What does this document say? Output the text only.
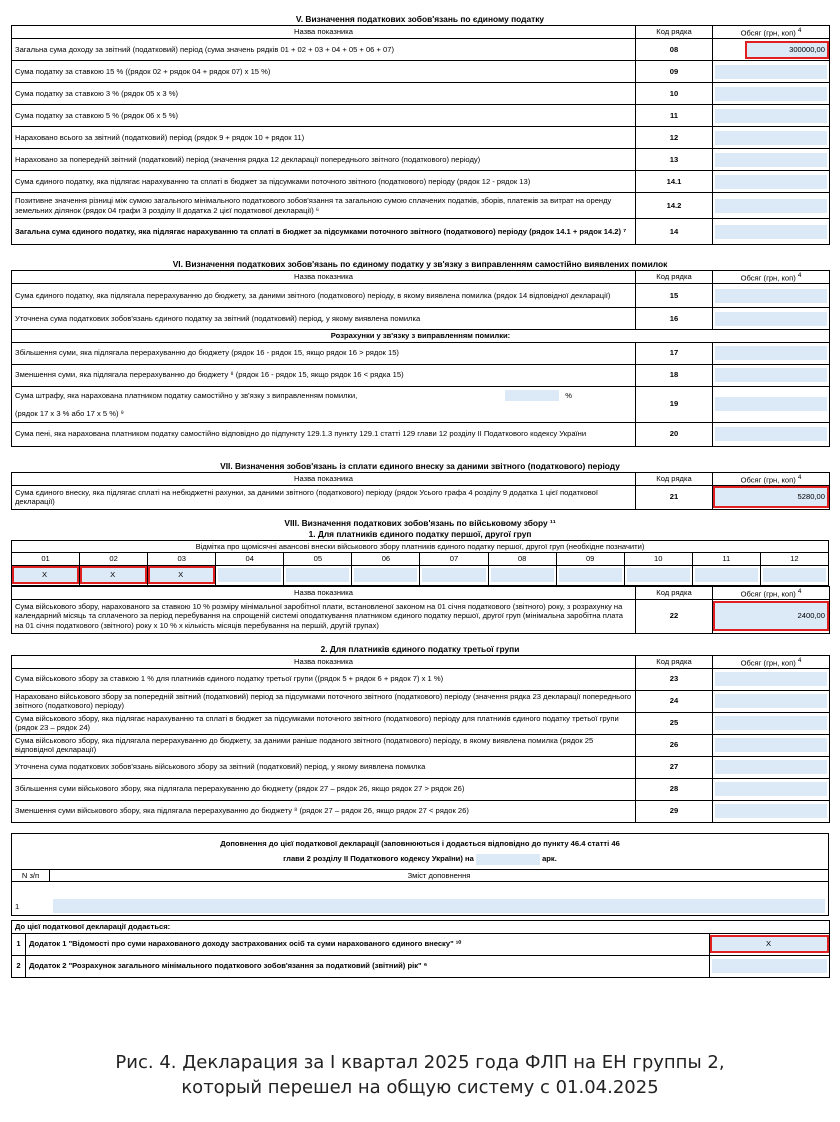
V. Визначення податкових зобов'язань по єдиному податку
Назва показника	Код рядка	Обсяг (грн, коп) $^4$
Загальна сума доходу за звітний (податковий) період (сума значень рядків 01 + 02 + 03 + 04 + 05 + 06 + 07)	08	300000,00

Сума податку за ставкою 15 % ((рядок 02 + рядок 04 + рядок 07) х 15 %)	09	

Сума податку за ставкою 3 % (рядок 05 х 3 %)	10	

Сума податку за ставкою 5 % (рядок 06 х 5 %)	11	

Нараховано всього за звітний (податковий) період (рядок 9 + рядок 10 + рядок 11)	12	

Нараховано за попередній звітний (податковий) період (значення рядка 12 декларації попереднього звітного (податкового) періоду)	13	

Сума єдиного податку, яка підлягає нарахуванню та сплаті в бюджет за підсумками поточного звітного (податкового) періоду (рядок 12 - рядок 13)	14.1	

Позитивне значення різниці між сумою загального мінімального податкового зобов'язання та загальною сумою сплачених податків, зборів, платежів за витрат на оренду земельних ділянок (рядок 04 графи 3 розділу ІІ додатка 2 цієї податкової декларації) ⁶	14.2	

Загальна сума єдиного податку, яка підлягає нарахуванню та сплаті в бюджет за підсумками поточного звітного (податкового) періоду (рядок 14.1 + рядок 14.2) ⁷	14	
VI. Визначення податкових зобов'язань по єдиному податку у зв'язку з виправленням самостійно виявлених помилок
Назва показника	Код рядка	Обсяг (грн, коп) $^4$
Сума єдиного податку, яка підлягала перерахуванню до бюджету, за даними звітного (податкового) періоду, в якому виявлена помилка (рядок 14 відповідної декларації)	15	

Уточнена сума податкових зобов'язань єдиного податку за звітний (податковий) період, у якому виявлена помилка	16	

Розрахунки у зв'язку з виправленням помилки:		
Збільшення суми, яка підлягала перерахуванню до бюджету (рядок 16 - рядок 15, якщо рядок 16 > рядок 15)	17	

Зменшення суми, яка підлягала перерахуванню до бюджету ⁸ (рядок 16 - рядок 15, якщо рядок 16 < рядка 15)	18	

Сума штрафу, яка нарахована платником податку самостійно у зв'язку з виправленням помилки, %
(рядок 17 х 3 % або 17 х 5 %) ⁹	19	

Сума пені, яка нарахована платником податку самостійно відповідно до підпункту 129.1.3 пункту 129.1 статті 129 глави 12 розділу ІІ Податкового кодексу України	20	
VII. Визначення зобов'язань із сплати єдиного внеску за даними звітного (податкового) періоду
Назва показника	Код рядка	Обсяг (грн, коп) $^4$
Сума єдиного внеску, яка підлягає сплаті на небюджетні рахунки, за даними звітного (податкового) періоду (рядок Усього графа 4 розділу 9 додатка 1 цієї податкової декларації)	21	5280,00
VIII. Визначення податкових зобов'язань по військовому збору ¹¹
1. Для платників єдиного податку першої, другої груп
Відмітка про щомісячні авансові внески військового збору платників єдиного податку першої, другої груп (необхідне позначити)											
01	02	03	04	05	06	07	08	09	10	11	12

X	X	X									

Назва показника	Код рядка	Обсяг (грн, коп) $^4$
Сума військового збору, нарахованого за ставкою 10 % розміру мінімальної заробітної плати, встановленої законом на 01 січня податкового (звітного) року, з розрахунку на календарний місяць та сплаченого за період перебування на спрощеній системі оподаткування платником єдиного податку першої, другої груп (мінімальна заробітна плата на 01 січня податкового (звітного) року х 10 % х кількість місяців перебування на першій, другій групах)	22	2400,00
2. Для платників єдиного податку третьої групи
Назва показника	Код рядка	Обсяг (грн, коп) $^4$
Сума військового збору за ставкою 1 % для платників єдиного податку третьої групи ((рядок 5 + рядок 6 + рядок 7) х 1 %)	23	

Нараховано військового збору за попередній звітний (податковий) період за підсумками поточного звітного (податкового) періоду (значення рядка 23 декларації попереднього звітного (податкового) періоду)	24	

Сума військового збору, яка підлягає нарахуванню та сплаті в бюджет за підсумками поточного звітного (податкового) періоду для платників єдиного податку третьої групи (рядок 23 – рядок 24)	25	

Сума військового збору, яка підлягала перерахуванню до бюджету, за даними раніше поданого звітного (податкового) періоду, в якому виявлена помилка (рядок 25 відповідної декларації)	26	

Уточнена сума податкових зобов'язань військового збору за звітний (податковий) період, у якому виявлена помилка	27	

Збільшення суми військового збору, яка підлягала перерахуванню до бюджету (рядок 27 – рядок 26, якщо рядок 27 > рядок 26)	28	

Зменшення суми військового збору, яка підлягала перерахуванню до бюджету ⁸ (рядок 27 – рядок 26, якщо рядок 27 < рядок 26)	29	
Доповнення до цієї податкової декларації (заповнюються і додається відповідно до пункту 46.4 статті 46
глави 2 розділу ІІ Податкового кодексу України) на арк.	

N з/п	Зміст доповнення

1	
До цієї податкової декларації додається:		
1	Додаток 1 "Відомості про суми нарахованого доходу застрахованих осіб та суми нарахованого єдиного внеску" ¹⁰	X

2	Додаток 2 "Розрахунок загального мінімального податкового зобов'язання за податковий (звітний) рік" ⁶	
Рис. 4. Декларация за I квартал 2025 года ФЛП на ЕН группы 2,
который перешел на общую систему с 01.04.2025
